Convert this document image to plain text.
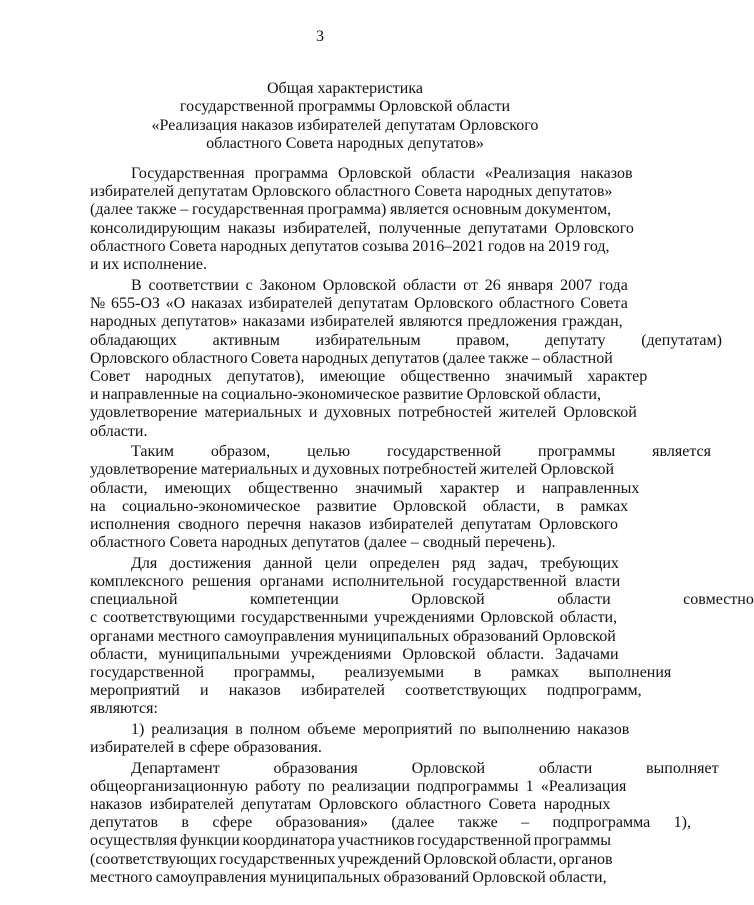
3
Общая характеристика
государственной программы Орловской области
«Реализация наказов избирателей депутатам Орловского
областного Совета народных депутатов»

Государственная программа Орловской области «Реализация наказов
избирателей депутатам Орловского областного Совета народных депутатов»
(далее также – государственная программа) является основным документом,
консолидирующим наказы избирателей, полученные депутатами Орловского
областного Совета народных депутатов созыва 2016–2021 годов на 2019 год,
и их исполнение.

В соответствии с Законом Орловской области от 26 января 2007 года
№ 655-ОЗ «О наказах избирателей депутатам Орловского областного Совета
народных депутатов» наказами избирателей являются предложения граждан,
обладающих активным избирательным правом, депутату (депутатам)
Орловского областного Совета народных депутатов (далее также – областной
Совет народных депутатов), имеющие общественно значимый характер
и направленные на социально-экономическое развитие Орловской области,
удовлетворение материальных и духовных потребностей жителей Орловской
области.

Таким образом, целью государственной программы является
удовлетворение материальных и духовных потребностей жителей Орловской
области, имеющих общественно значимый характер и направленных
на социально-экономическое развитие Орловской области, в рамках
исполнения сводного перечня наказов избирателей депутатам Орловского
областного Совета народных депутатов (далее – сводный перечень).

Для достижения данной цели определен ряд задач, требующих
комплексного решения органами исполнительной государственной власти
специальной компетенции Орловской области совместно
с соответствующими государственными учреждениями Орловской области,
органами местного самоуправления муниципальных образований Орловской
области, муниципальными учреждениями Орловской области. Задачами
государственной программы, реализуемыми в рамках выполнения
мероприятий и наказов избирателей соответствующих подпрограмм,
являются:

1) реализация в полном объеме мероприятий по выполнению наказов
избирателей в сфере образования.

Департамент образования Орловской области выполняет
общеорганизационную работу по реализации подпрограммы 1 «Реализация
наказов избирателей депутатам Орловского областного Совета народных
депутатов в сфере образования» (далее также – подпрограмма 1),
осуществляя функции координатора участников государственной программы
(соответствующих государственных учреждений Орловской области, органов
местного самоуправления муниципальных образований Орловской области,
